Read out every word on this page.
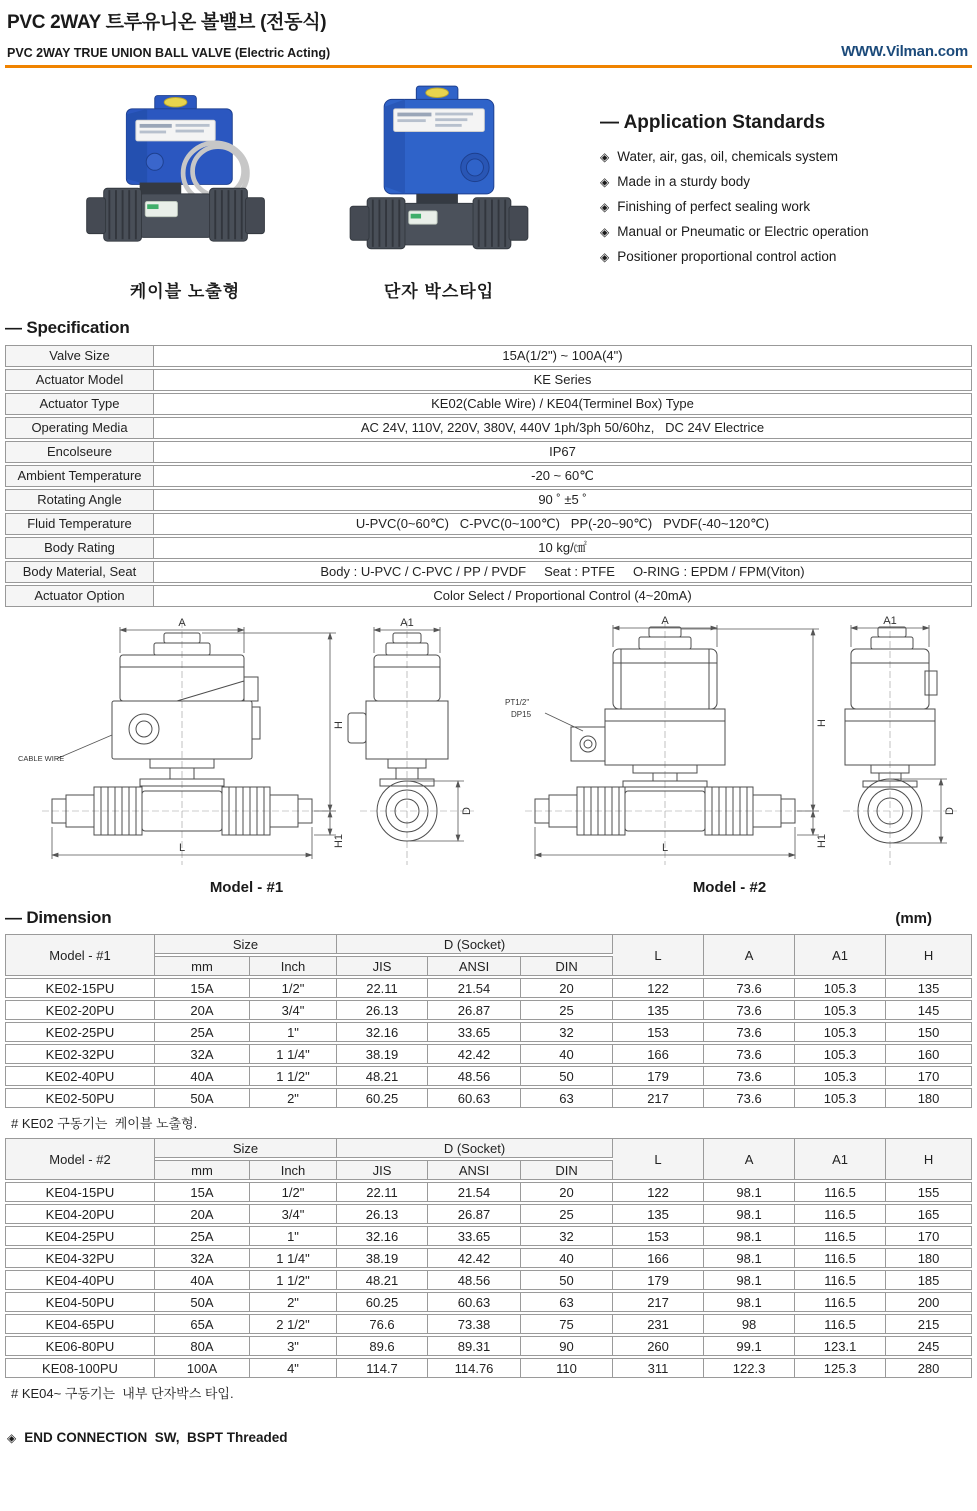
PVC 2WAY 트루유니온 볼밸브 (전동식)
PVC 2WAY TRUE UNION BALL VALVE (Electric Acting)	WWW.Vilman.com
케이블 노출형	단자 박스타입
— Application Standards
◈ Water, air, gas, oil, chemicals system
◈ Made in a sturdy body
◈ Finishing of perfect sealing work
◈ Manual or Pneumatic or Electric operation
◈ Positioner proportional control action
— Specification
Valve Size	15A(1/2") ~ 100A(4")
Actuator Model	KE Series
Actuator Type	KE02(Cable Wire) / KE04(Terminel Box) Type
Operating Media	AC 24V, 110V, 220V, 380V, 440V 1ph/3ph 50/60hz,   DC 24V Electrice
Encolseure	IP67
Ambient Temperature	-20 ~ 60℃
Rotating Angle	90 ˚ ±5 ˚
Fluid Temperature	U-PVC(0~60℃)   C-PVC(0~100℃)   PP(-20~90℃)   PVDF(-40~120℃)
Body Rating	10 kg/㎠
Body Material, Seat	Body : U-PVC / C-PVC / PP / PVDF     Seat : PTFE     O-RING : EPDM / FPM(Viton)
Actuator Option	Color Select / Proportional Control (4~20mA)
A
H
H1
L
CABLE WIRE
A1
D
Model - #1
A
H
H1
L
PT1/2"
DP15
A1
D
Model - #2
— Dimension	(mm)
Model - #1	Size		D (Socket)			L	A	A1	H
	mm	Inch	JIS	ANSI	DIN				
KE02-15PU	15A	1/2"	22.11	21.54	20	122	73.6	105.3	135
KE02-20PU	20A	3/4"	26.13	26.87	25	135	73.6	105.3	145
KE02-25PU	25A	1"	32.16	33.65	32	153	73.6	105.3	150
KE02-32PU	32A	1 1/4"	38.19	42.42	40	166	73.6	105.3	160
KE02-40PU	40A	1 1/2"	48.21	48.56	50	179	73.6	105.3	170
KE02-50PU	50A	2"	60.25	60.63	63	217	73.6	105.3	180
# KE02 구동기는  케이블 노출형.
Model - #2	Size		D (Socket)			L	A	A1	H
	mm	Inch	JIS	ANSI	DIN				
KE04-15PU	15A	1/2"	22.11	21.54	20	122	98.1	116.5	155
KE04-20PU	20A	3/4"	26.13	26.87	25	135	98.1	116.5	165
KE04-25PU	25A	1"	32.16	33.65	32	153	98.1	116.5	170
KE04-32PU	32A	1 1/4"	38.19	42.42	40	166	98.1	116.5	180
KE04-40PU	40A	1 1/2"	48.21	48.56	50	179	98.1	116.5	185
KE04-50PU	50A	2"	60.25	60.63	63	217	98.1	116.5	200
KE04-65PU	65A	2 1/2"	76.6	73.38	75	231	98	116.5	215
KE06-80PU	80A	3"	89.6	89.31	90	260	99.1	123.1	245
KE08-100PU	100A	4"	114.7	114.76	110	311	122.3	125.3	280
# KE04~ 구동기는  내부 단자박스 타입.
◈ END CONNECTION  SW,  BSPT Threaded
